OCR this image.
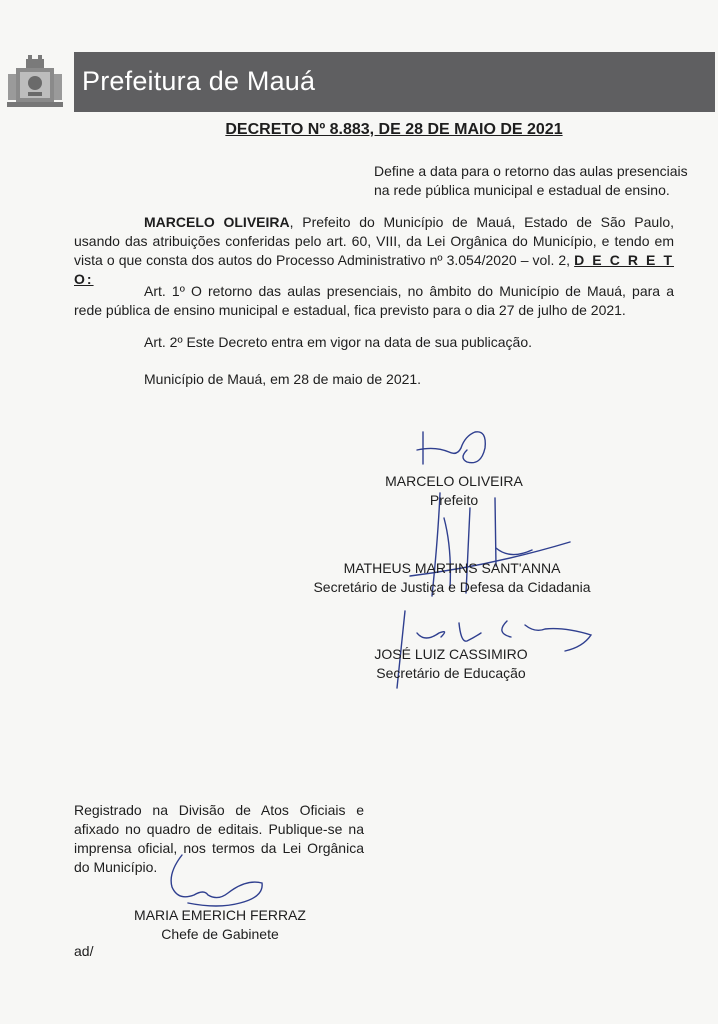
Prefeitura de Mauá
DECRETO Nº 8.883, DE 28 DE MAIO DE 2021
Define a data para o retorno das aulas presenciais
na rede pública municipal e estadual de ensino.
MARCELO OLIVEIRA, Prefeito do Município de Mauá, Estado de São Paulo, usando das atribuições conferidas pelo art. 60, VIII, da Lei Orgânica do Município, e tendo em vista o que consta dos autos do Processo Administrativo nº 3.054/2020 – vol. 2, D E C R E T O:
Art. 1º O retorno das aulas presenciais, no âmbito do Município de Mauá, para a rede pública de ensino municipal e estadual, fica previsto para o dia 27 de julho de 2021.
Art. 2º Este Decreto entra em vigor na data de sua publicação.
Município de Mauá, em 28 de maio de 2021.
MARCELO OLIVEIRA
Prefeito
MATHEUS MARTINS SANT'ANNA
Secretário de Justiça e Defesa da Cidadania
JOSÉ LUIZ CASSIMIRO
Secretário de Educação
Registrado na Divisão de Atos Oficiais e afixado no quadro de editais. Publique-se na imprensa oficial, nos termos da Lei Orgânica do Município.
MARIA EMERICH FERRAZ
Chefe de Gabinete
ad/
